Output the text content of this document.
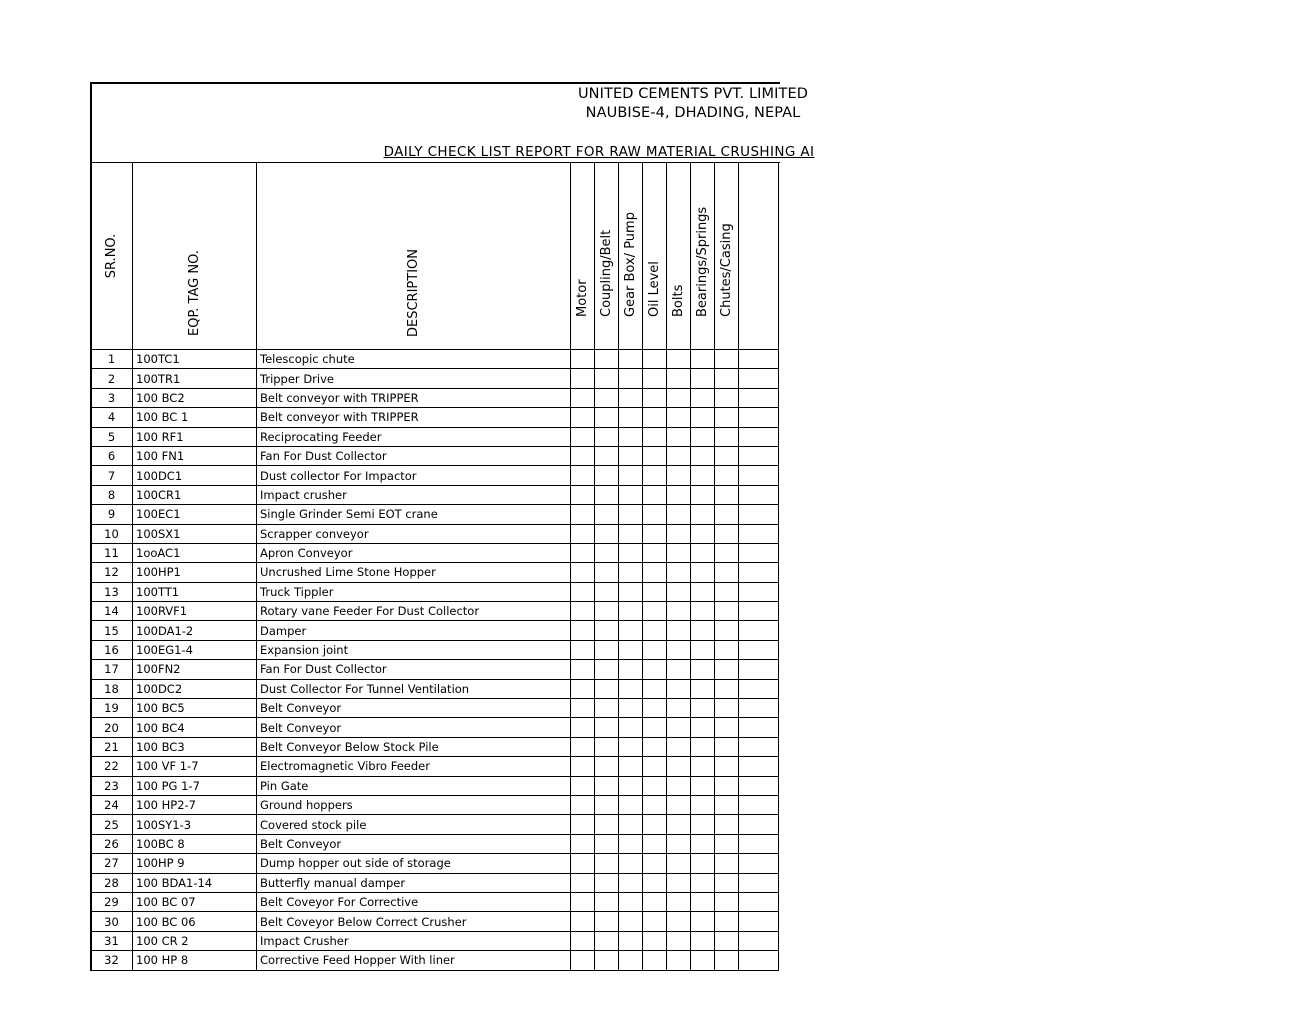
UNITED CEMENTS PVT. LIMITED
NAUBISE-4, DHADING, NEPAL
DAILY CHECK LIST REPORT FOR RAW MATERIAL CRUSHING AI
SR.NO.	EQP. TAG NO.	DESCRIPTION	Motor	Coupling/Belt	Gear Box/ Pump	Oil Level	Bolts	Bearings/Springs	Chutes/Casing	

1	100TC1	Telescopic chute								
2	100TR1	Tripper Drive								
3	100 BC2	Belt conveyor with TRIPPER								
4	100 BC 1	Belt conveyor with TRIPPER								
5	100 RF1	Reciprocating Feeder								
6	100 FN1	Fan For Dust Collector								
7	100DC1	Dust collector For Impactor								
8	100CR1	Impact crusher								
9	100EC1	Single Grinder Semi EOT crane								
10	100SX1	Scrapper conveyor								
11	1ooAC1	Apron Conveyor								
12	100HP1	Uncrushed Lime Stone Hopper								
13	100TT1	Truck Tippler								
14	100RVF1	Rotary vane Feeder For Dust Collector								
15	100DA1-2	Damper								
16	100EG1-4	Expansion joint								
17	100FN2	Fan For Dust Collector								
18	100DC2	Dust Collector For Tunnel Ventilation								
19	100 BC5	Belt Conveyor								
20	100 BC4	Belt Conveyor								
21	100 BC3	Belt Conveyor Below Stock Pile								
22	100 VF 1-7	Electromagnetic Vibro Feeder								
23	100 PG 1-7	Pin Gate								
24	100 HP2-7	Ground hoppers								
25	100SY1-3	Covered stock pile								
26	100BC 8	Belt Conveyor								
27	100HP 9	Dump hopper out side of storage								
28	100 BDA1-14	Butterfly manual damper								
29	100 BC 07	Belt Coveyor For Corrective								
30	100 BC 06	Belt Coveyor Below Correct Crusher								
31	100 CR 2	Impact Crusher								
32	100 HP 8	Corrective Feed Hopper With liner								
